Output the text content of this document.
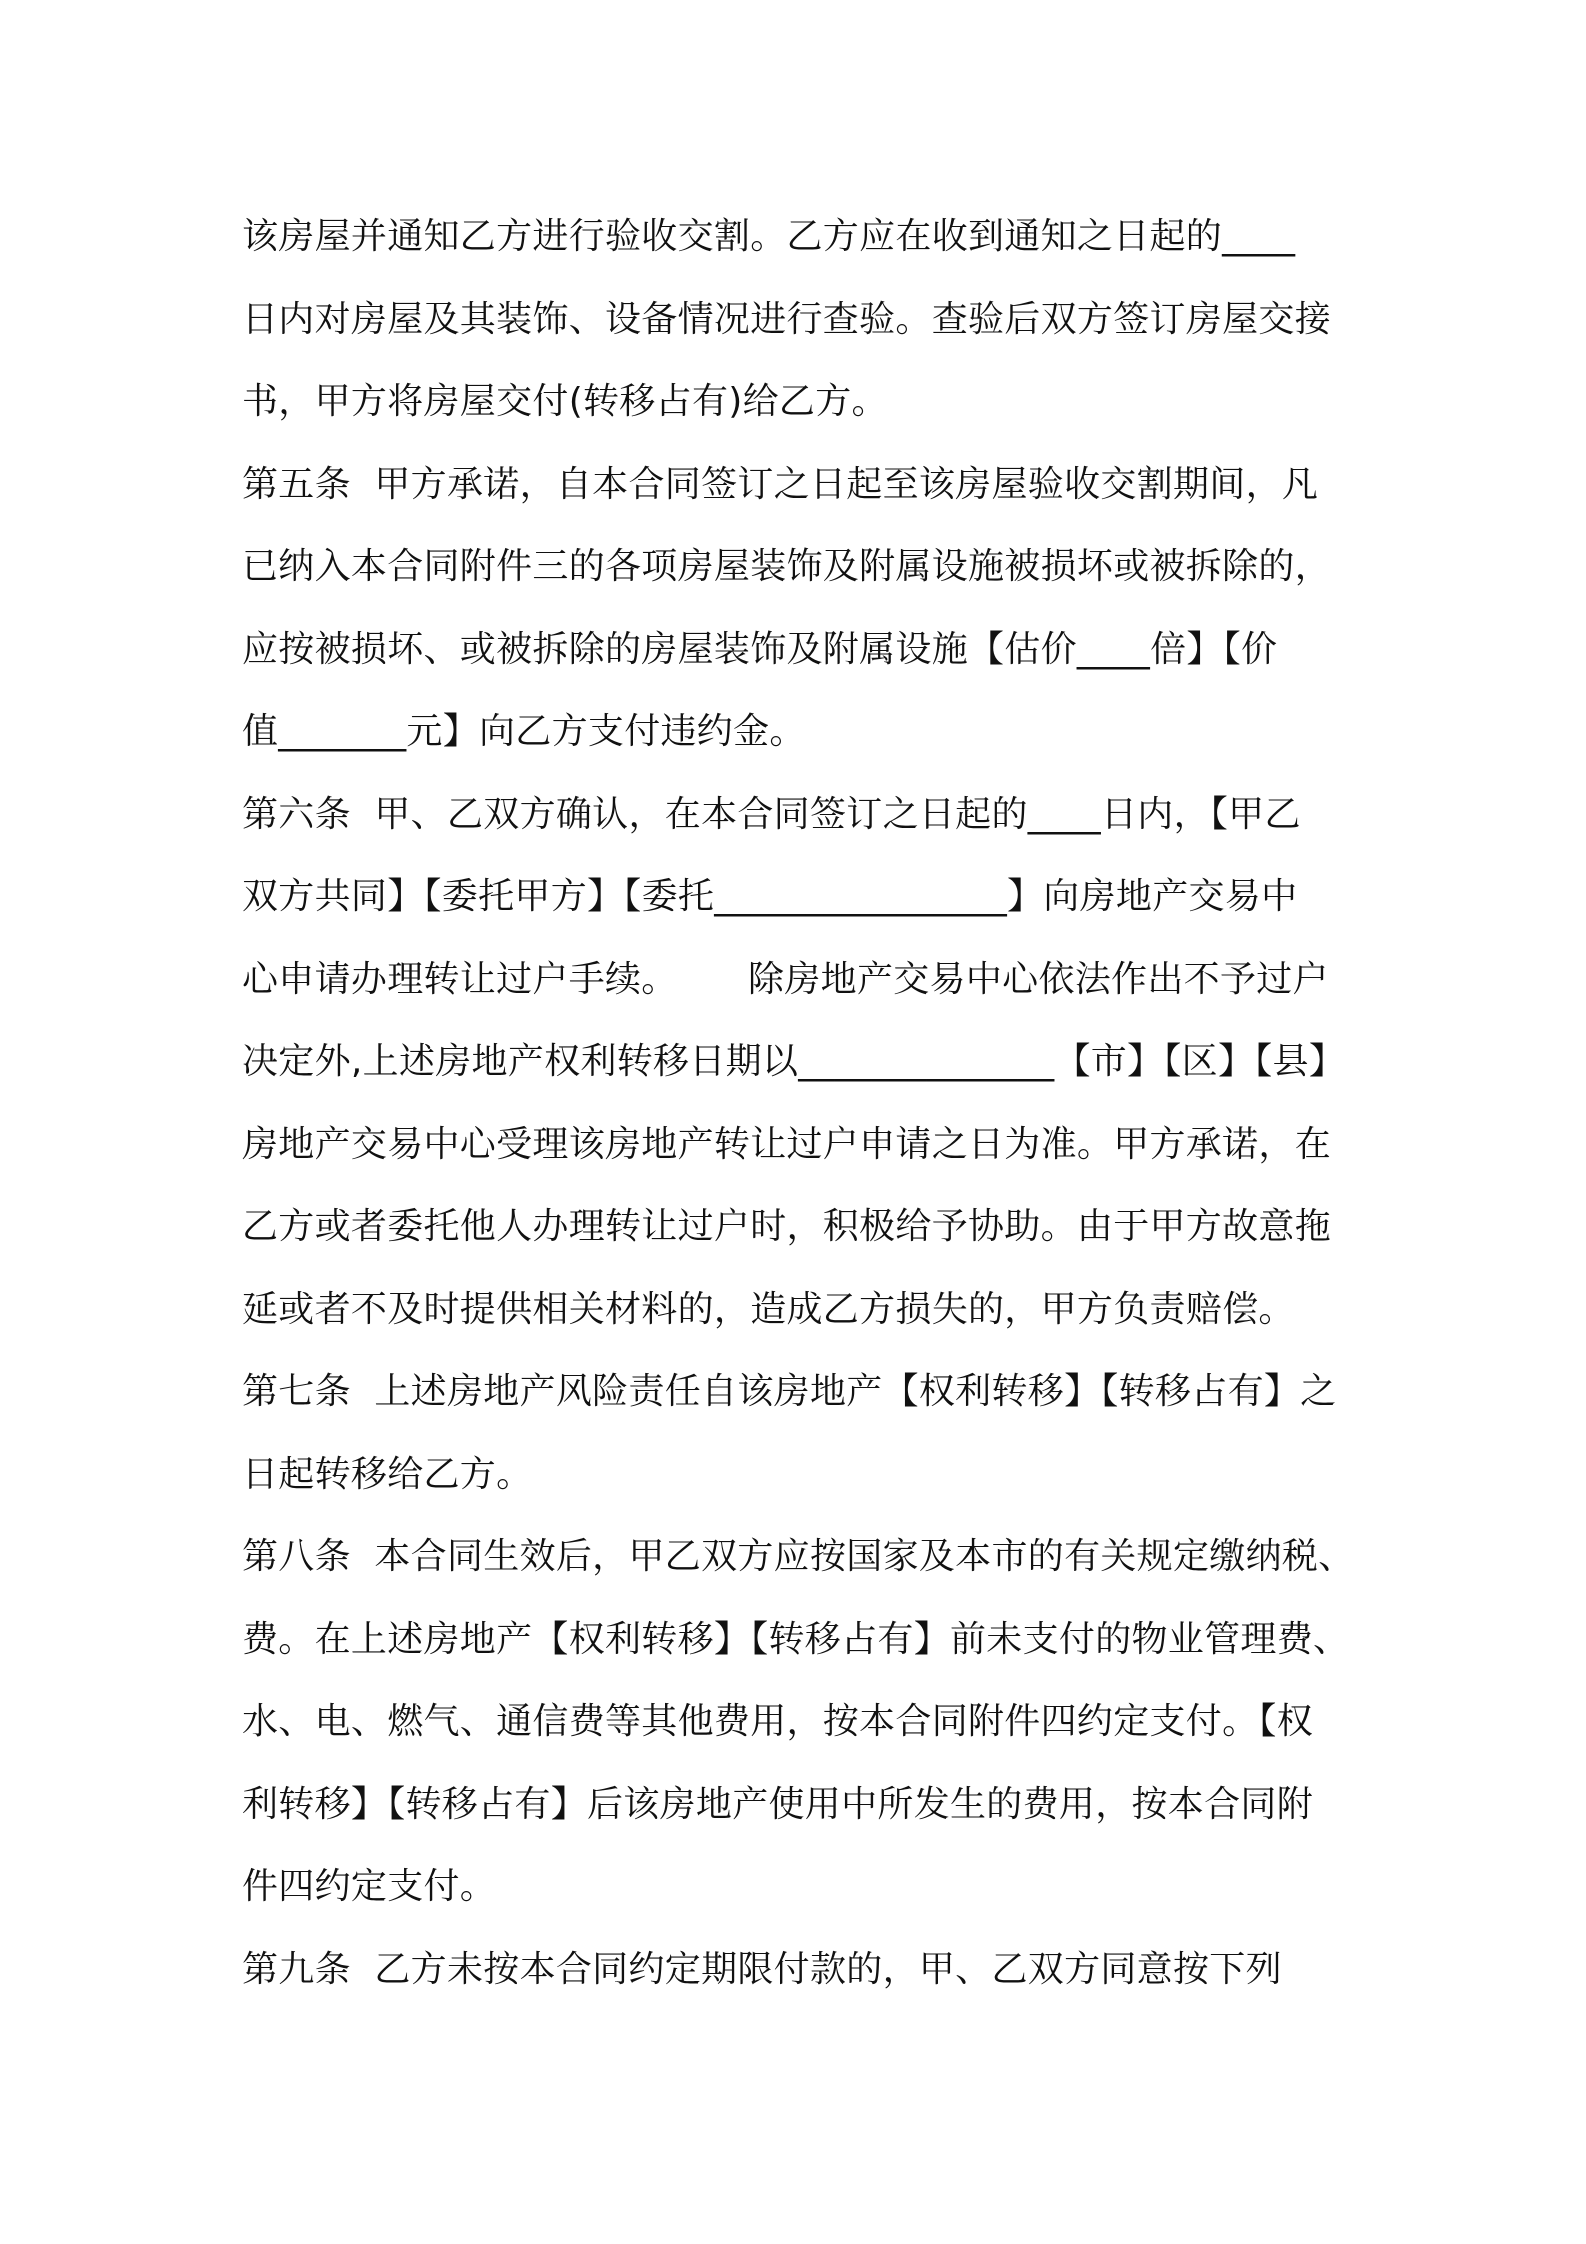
该房屋并通知乙方进行验收交割。乙方应在收到通知之日起的____
日内对房屋及其装饰、设备情况进行查验。查验后双方签订房屋交接
书，甲方将房屋交付(转移占有)给乙方。
第五条  甲方承诺，自本合同签订之日起至该房屋验收交割期间，凡
已纳入本合同附件三的各项房屋装饰及附属设施被损坏或被拆除的，
应按被损坏、或被拆除的房屋装饰及附属设施【估价____倍】【价
值_______元】向乙方支付违约金。
第六条  甲、乙双方确认，在本合同签订之日起的____日内，【甲乙
双方共同】【委托甲方】【委托________________】向房地产交易中
心申请办理转让过户手续。      除房地产交易中心依法作出不予过户
决定外,上述房地产权利转移日期以______________【市】【区】【县】
房地产交易中心受理该房地产转让过户申请之日为准。甲方承诺，在
乙方或者委托他人办理转让过户时，积极给予协助。由于甲方故意拖
延或者不及时提供相关材料的，造成乙方损失的，甲方负责赔偿。
第七条  上述房地产风险责任自该房地产【权利转移】【转移占有】之
日起转移给乙方。
第八条  本合同生效后，甲乙双方应按国家及本市的有关规定缴纳税、
费。在上述房地产【权利转移】【转移占有】前未支付的物业管理费、
水、电、燃气、通信费等其他费用，按本合同附件四约定支付。【权
利转移】【转移占有】后该房地产使用中所发生的费用，按本合同附
件四约定支付。
第九条  乙方未按本合同约定期限付款的，甲、乙双方同意按下列
